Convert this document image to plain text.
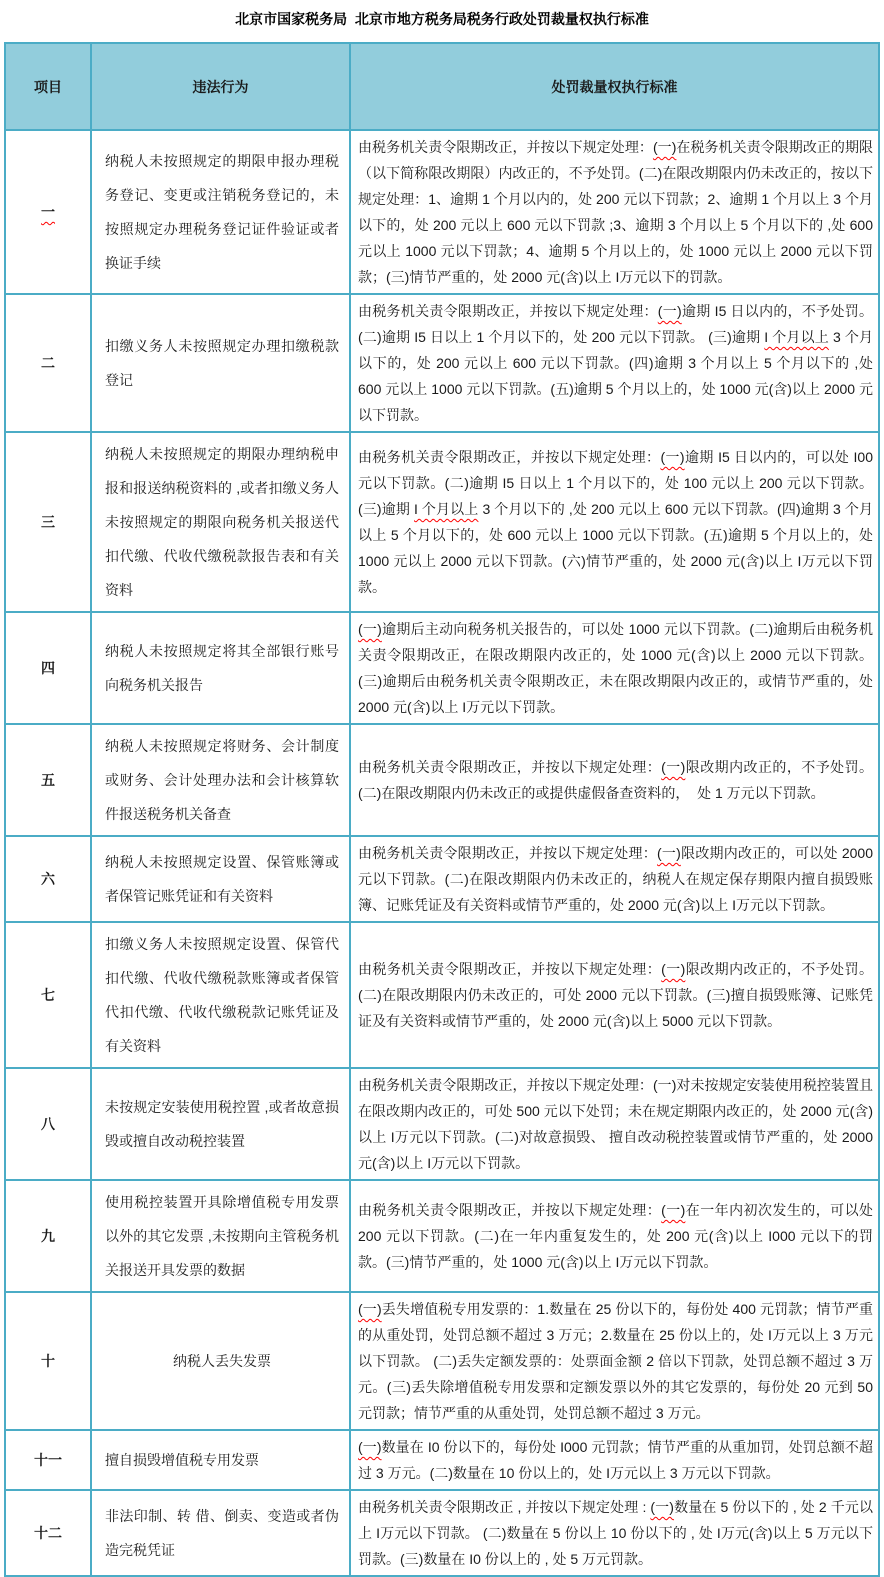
北京市国家税务局  北京市地方税务局税务行政处罚裁量权执行标准
项目	违法行为	处罚裁量权执行标准
一	纳税人未按照规定的期限申报办理税务登记、变更或注销税务登记的，未按照规定办理税务登记证件验证或者换证手续	由税务机关责令限期改正，并按以下规定处理：(一)在税务机关责令限期改正的期限（以下简称限改期限）内改正的，不予处罚。(二)在限改期限内仍未改正的，按以下规定处理：1、逾期 1 个月以内的，处 200 元以下罚款；2、逾期 1 个月以上 3 个月以下的，处 200 元以上 600 元以下罚款 ;3、逾期 3 个月以上 5 个月以下的 ,处 600 元以上 1000 元以下罚款；4、逾期 5 个月以上的，处 1000 元以上 2000 元以下罚款；(三)情节严重的，处 2000 元(含)以上 I万元以下的罚款。
二	扣缴义务人未按照规定办理扣缴税款登记	由税务机关责令限期改正，并按以下规定处理：(一)逾期 I5 日以内的，不予处罚。(二)逾期 I5 日以上 1 个月以下的，处 200 元以下罚款。 (三)逾期 I 个月以上 3 个月以下的，处 200 元以上 600 元以下罚款。(四)逾期 3 个月以上 5 个月以下的 ,处 600 元以上 1000 元以下罚款。(五)逾期 5 个月以上的，处 1000 元(含)以上 2000 元以下罚款。
三	纳税人未按照规定的期限办理纳税申报和报送纳税资料的 ,或者扣缴义务人未按照规定的期限向税务机关报送代扣代缴、代收代缴税款报告表和有关资料	由税务机关责令限期改正，并按以下规定处理：(一)逾期 I5 日以内的，可以处 I00 元以下罚款。(二)逾期 I5 日以上 1 个月以下的，处 100 元以上 200 元以下罚款。 (三)逾期 I 个月以上 3 个月以下的 ,处 200 元以上 600 元以下罚款。(四)逾期 3 个月以上 5 个月以下的，处 600 元以上 1000 元以下罚款。(五)逾期 5 个月以上的，处 1000 元以上 2000 元以下罚款。(六)情节严重的，处 2000 元(含)以上 I万元以下罚款。
四	纳税人未按照规定将其全部银行账号向税务机关报告	(一)逾期后主动向税务机关报告的，可以处 1000 元以下罚款。(二)逾期后由税务机关责令限期改正，在限改期限内改正的，处 1000 元(含)以上 2000 元以下罚款。(三)逾期后由税务机关责令限期改正，未在限改期限内改正的，或情节严重的，处 2000 元(含)以上 I万元以下罚款。
五	纳税人未按照规定将财务、会计制度或财务、会计处理办法和会计核算软件报送税务机关备查	由税务机关责令限期改正，并按以下规定处理：(一)限改期内改正的，不予处罚。(二)在限改期限内仍未改正的或提供虚假备查资料的，  处 1 万元以下罚款。
六	纳税人未按照规定设置、保管账簿或者保管记账凭证和有关资料	由税务机关责令限期改正，并按以下规定处理：(一)限改期内改正的，可以处 2000 元以下罚款。(二)在限改期限内仍未改正的，纳税人在规定保存期限内擅自损毁账簿、记账凭证及有关资料或情节严重的，处 2000 元(含)以上 I万元以下罚款。
七	扣缴义务人未按照规定设置、保管代扣代缴、代收代缴税款账簿或者保管代扣代缴、代收代缴税款记账凭证及有关资料	由税务机关责令限期改正，并按以下规定处理：(一)限改期内改正的，不予处罚。(二)在限改期限内仍未改正的，可处 2000 元以下罚款。(三)擅自损毁账簿、记账凭证及有关资料或情节严重的，处 2000 元(含)以上 5000 元以下罚款。
八	未按规定安装使用税控置 ,或者故意损毁或擅自改动税控装置	由税务机关责令限期改正，并按以下规定处理：(一)对未按规定安装使用税控装置且在限改期内改正的，可处 500 元以下处罚；未在规定期限内改正的，处 2000 元(含)以上 I万元以下罚款。(二)对故意损毁、 擅自改动税控装置或情节严重的，处 2000 元(含)以上 I万元以下罚款。
九	使用税控装置开具除增值税专用发票以外的其它发票 ,未按期向主管税务机关报送开具发票的数据	由税务机关责令限期改正，并按以下规定处理：(一)在一年内初次发生的，可以处 200 元以下罚款。(二)在一年内重复发生的，处 200 元(含)以上 I000 元以下的罚款。(三)情节严重的，处 1000 元(含)以上 I万元以下罚款。
十	纳税人丢失发票	(一)丢失增值税专用发票的：1.数量在 25 份以下的，每份处 400 元罚款；情节严重的从重处罚，处罚总额不超过 3 万元；2.数量在 25 份以上的，处 I万元以上 3 万元以下罚款。 (二)丢失定额发票的：处票面金额 2 倍以下罚款，处罚总额不超过 3 万元。(三)丢失除增值税专用发票和定额发票以外的其它发票的，每份处 20 元到 50 元罚款；情节严重的从重处罚，处罚总额不超过 3 万元。
十一	擅自损毁增值税专用发票	(一)数量在 I0 份以下的，每份处 I000 元罚款；情节严重的从重加罚，处罚总额不超过 3 万元。(二)数量在 10 份以上的，处 I万元以上 3 万元以下罚款。
十二	非法印制、转 借、倒卖、变造或者伪造完税凭证	由税务机关责令限期改正 , 并按以下规定处理 : (一)数量在 5 份以下的 , 处 2 千元以上 I万元以下罚款。 (二)数量在 5 份以上 10 份以下的 , 处 I万元(含)以上 5 万元以下罚款。(三)数量在 I0 份以上的 , 处 5 万元罚款。
